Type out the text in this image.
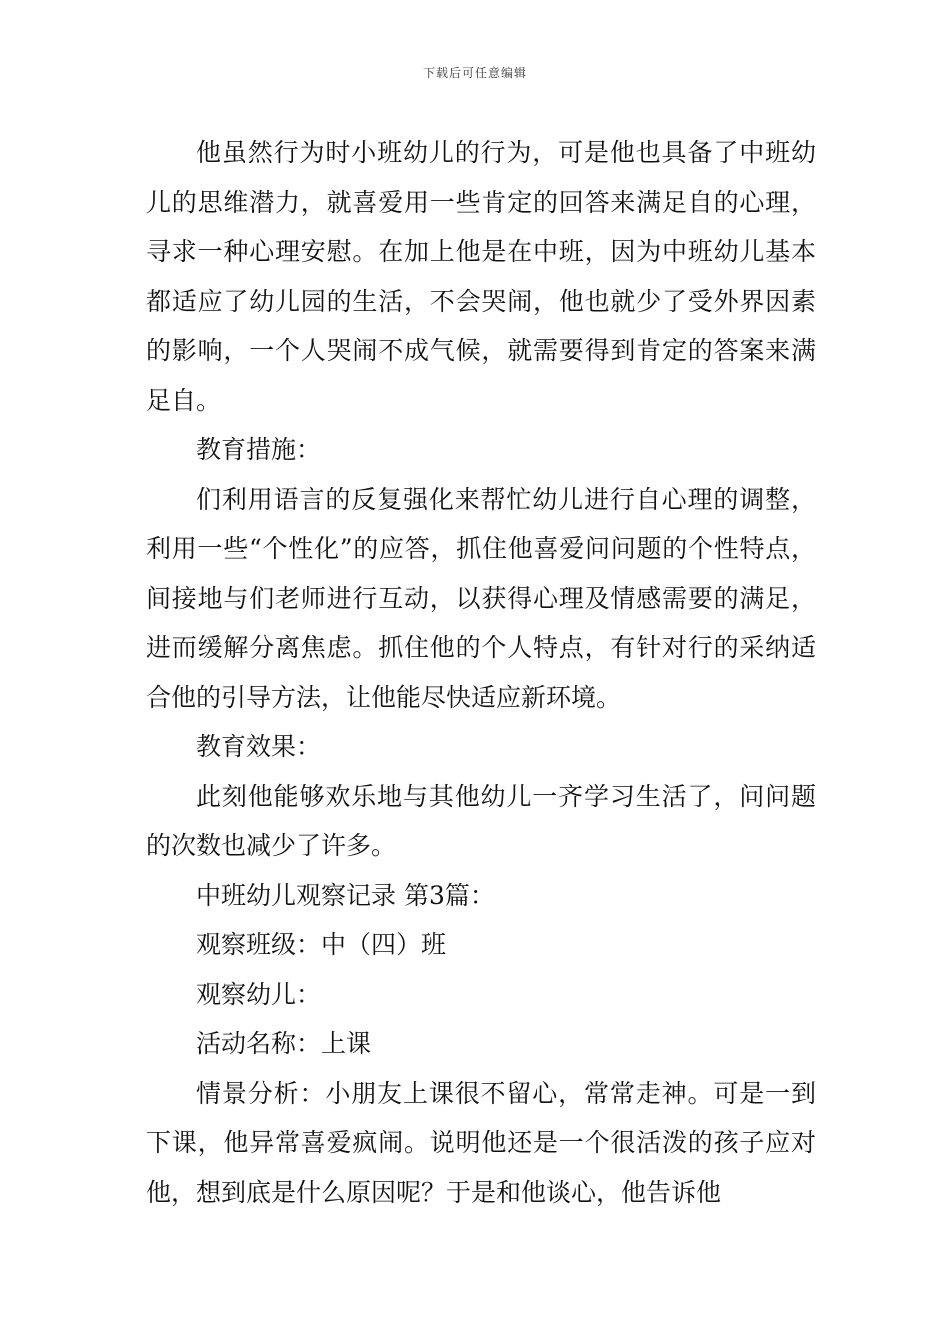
下载后可任意编辑

他虽然行为时小班幼儿的行为，可是他也具备了中班幼儿的思维潜力，就喜爱用一些肯定的回答来满足自的心理，寻求一种心理安慰。在加上他是在中班，因为中班幼儿基本都适应了幼儿园的生活，不会哭闹，他也就少了受外界因素的影响，一个人哭闹不成气候，就需要得到肯定的答案来满足自。

教育措施：

们利用语言的反复强化来帮忙幼儿进行自心理的调整，利用一些“个性化”的应答，抓住他喜爱问问题的个性特点，间接地与们老师进行互动，以获得心理及情感需要的满足，进而缓解分离焦虑。抓住他的个人特点，有针对行的采纳适合他的引导方法，让他能尽快适应新环境。

教育效果：

此刻他能够欢乐地与其他幼儿一齐学习生活了，问问题的次数也减少了许多。

中班幼儿观察记录 第3篇：

观察班级：中（四）班

观察幼儿：

活动名称：上课

情景分析：小朋友上课很不留心，常常走神。可是一到下课，他异常喜爱疯闹。说明他还是一个很活泼的孩子应对他，想到底是什么原因呢？于是和他谈心，他告诉他
